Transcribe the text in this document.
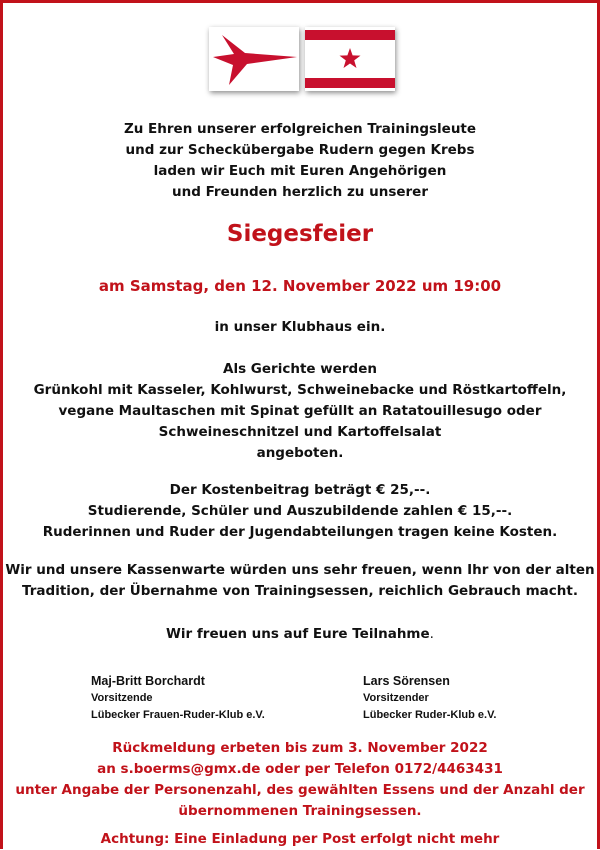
Zu Ehren unserer erfolgreichen Trainingsleute
und zur Scheckübergabe Rudern gegen Krebs
laden wir Euch mit Euren Angehörigen
und Freunden herzlich zu unserer
Siegesfeier
am Samstag, den 12. November 2022 um 19:00
in unser Klubhaus ein.
Als Gerichte werden
Grünkohl mit Kasseler, Kohlwurst, Schweinebacke und Röstkartoffeln,
vegane Maultaschen mit Spinat gefüllt an Ratatouillesugo oder
Schweineschnitzel und Kartoffelsalat
angeboten.
Der Kostenbeitrag beträgt € 25,--.
Studierende, Schüler und Auszubildende zahlen € 15,--.
Ruderinnen und Ruder der Jugendabteilungen tragen keine Kosten.
Wir und unsere Kassenwarte würden uns sehr freuen, wenn Ihr von der alten
Tradition, der Übernahme von Trainingsessen, reichlich Gebrauch macht.
Wir freuen uns auf Eure Teilnahme.
Maj-Britt Borchardt
Vorsitzende
Lübecker Frauen-Ruder-Klub e.V.
Lars Sörensen
Vorsitzender
Lübecker Ruder-Klub e.V.
Rückmeldung erbeten bis zum 3. November 2022
an s.boerms@gmx.de oder per Telefon 0172/4463431
unter Angabe der Personenzahl, des gewählten Essens und der Anzahl der
übernommenen Trainingsessen.
Achtung: Eine Einladung per Post erfolgt nicht mehr
